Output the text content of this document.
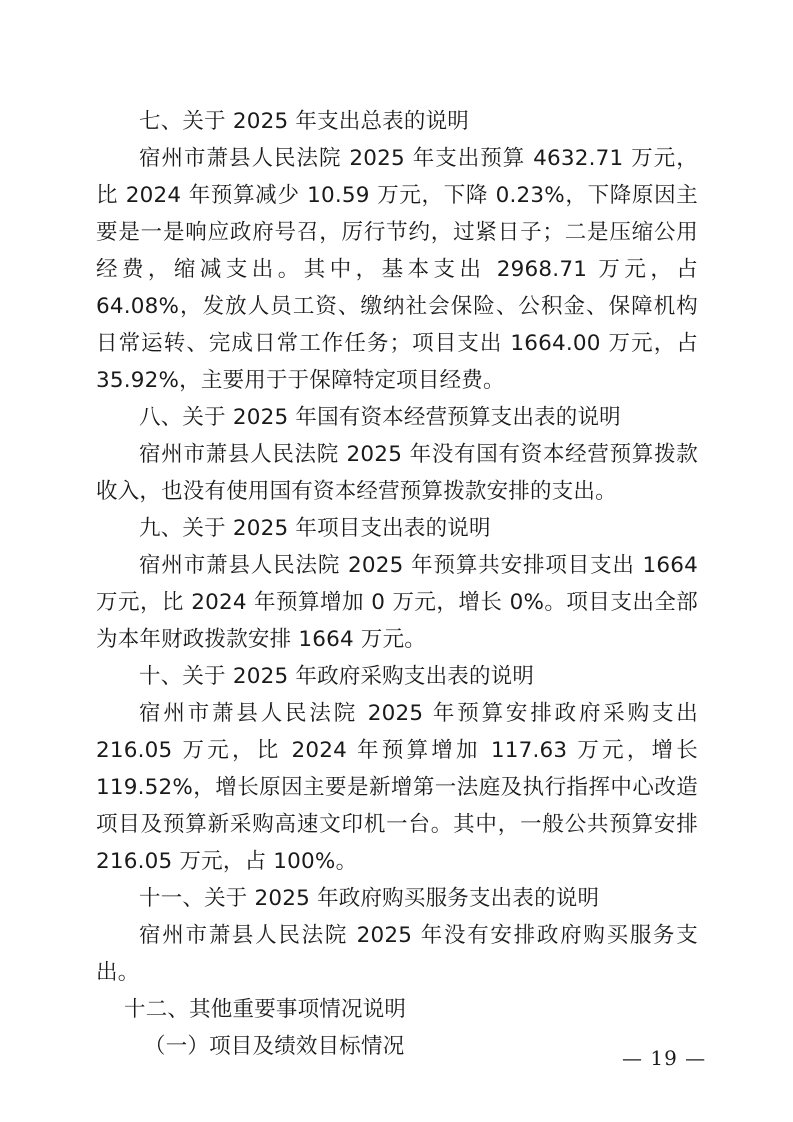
七、关于 2025 年支出总表的说明

宿州市萧县人民法院 2025 年支出预算 4632.71 万元，比 2024 年预算减少 10.59 万元，下降 0.23%，下降原因主要是一是响应政府号召，厉行节约，过紧日子；二是压缩公用经费，缩减支出。其中，基本支出 2968.71 万元，占 64.08%，发放人员工资、缴纳社会保险、公积金、保障机构日常运转、完成日常工作任务；项目支出 1664.00 万元，占 35.92%，主要用于于保障特定项目经费。

八、关于 2025 年国有资本经营预算支出表的说明

宿州市萧县人民法院 2025 年没有国有资本经营预算拨款收入，也没有使用国有资本经营预算拨款安排的支出。

九、关于 2025 年项目支出表的说明

宿州市萧县人民法院 2025 年预算共安排项目支出 1664 万元，比 2024 年预算增加 0 万元，增长 0%。项目支出全部为本年财政拨款安排 1664 万元。

十、关于 2025 年政府采购支出表的说明

宿州市萧县人民法院 2025 年预算安排政府采购支出 216.05 万元，比 2024 年预算增加 117.63 万元，增长 119.52%，增长原因主要是新增第一法庭及执行指挥中心改造项目及预算新采购高速文印机一台。其中，一般公共预算安排 216.05 万元，占 100%。

十一、关于 2025 年政府购买服务支出表的说明

宿州市萧县人民法院 2025 年没有安排政府购买服务支出。

十二、其他重要事项情况说明

（一）项目及绩效目标情况	— 19 —
